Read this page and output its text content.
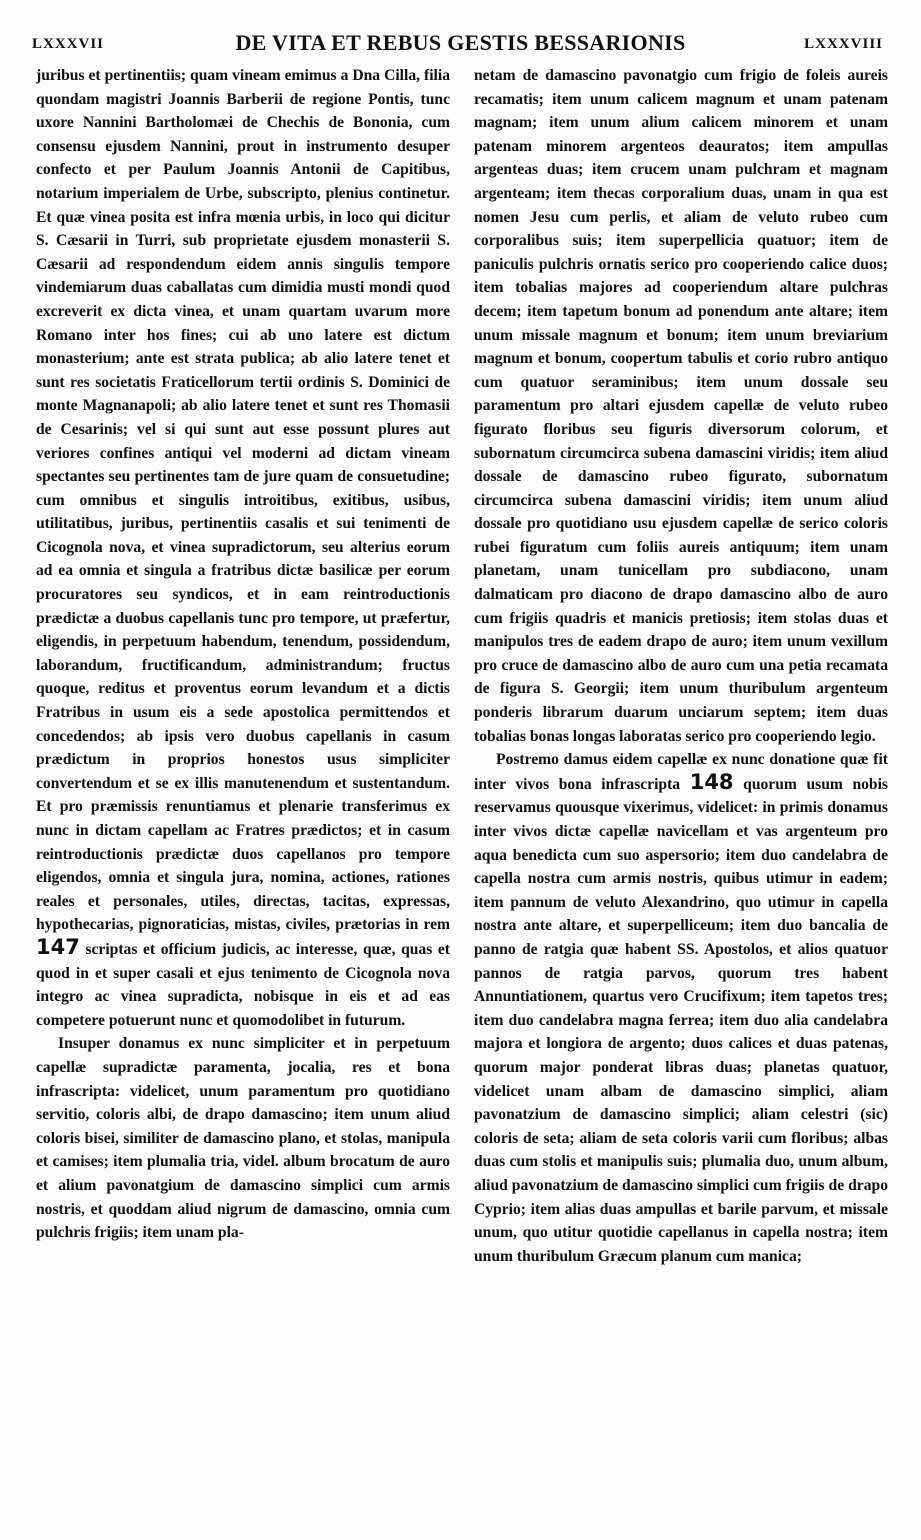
LXXXVII	DE VITA ET REBUS GESTIS BESSARIONIS	LXXXVIII

juribus et pertinentiis; quam vineam emimus a Dna Cilla, filia quondam magistri Joannis Barberii de regione Pontis, tunc uxore Nannini Bartholomæi de Chechis de Bononia, cum consensu ejusdem Nannini, prout in instrumento desuper confecto et per Paulum Joannis Antonii de Capitibus, notarium imperialem de Urbe, subscripto, plenius continetur. Et quæ vinea posita est infra mœnia urbis, in loco qui dicitur S. Cæsarii in Turri, sub proprietate ejusdem monasterii S. Cæsarii ad respondendum eidem annis singulis tempore vindemiarum duas caballatas cum dimidia musti mondi quod excreverit ex dicta vinea, et unam quartam uvarum more Romano inter hos fines; cui ab uno latere est dictum monasterium; ante est strata publica; ab alio latere tenet et sunt res societatis Fraticellorum tertii ordinis S. Dominici de monte Magnanapoli; ab alio latere tenet et sunt res Thomasii de Cesarinis; vel si qui sunt aut esse possunt plures aut veriores confines antiqui vel moderni ad dictam vineam spectantes seu pertinentes tam de jure quam de consuetudine; cum omnibus et singulis introitibus, exitibus, usibus, utilitatibus, juribus, pertinentiis casalis et sui tenimenti de Cicognola nova, et vinea supradictorum, seu alterius eorum ad ea omnia et singula a fratribus dictæ basilicæ per eorum procuratores seu syndicos, et in eam reintroductionis prædictæ a duobus capellanis tunc pro tempore, ut præfertur, eligendis, in perpetuum habendum, tenendum, possidendum, laborandum, fructificandum, administrandum; fructus quoque, reditus et proventus eorum levandum et a dictis Fratribus in usum eis a sede apostolica permittendos et concedendos; ab ipsis vero duobus capellanis in casum prædictum in proprios honestos usus simpliciter convertendum et se ex illis manutenendum et sustentandum. Et pro præmissis renuntiamus et plenarie transferimus ex nunc in dictam capellam ac Fratres prædictos; et in casum reintroductionis prædictæ duos capellanos pro tempore eligendos, omnia et singula jura, nomina, actiones, rationes reales et personales, utiles, directas, tacitas, expressas, hypothecarias, pignoraticias, mistas, civiles, prætorias in rem 147 scriptas et officium judicis, ac interesse, quæ, quas et quod in et super casali et ejus tenimento de Cicognola nova integro ac vinea supradicta, nobisque in eis et ad eas competere potuerunt nunc et quomodolibet in futurum.

Insuper donamus ex nunc simpliciter et in perpetuum capellæ supradictæ paramenta, jocalia, res et bona infrascripta: videlicet, unum paramentum pro quotidiano servitio, coloris albi, de drapo damascino; item unum aliud coloris bisei, similiter de damascino plano, et stolas, manipula et camises; item plumalia tria, videl. album brocatum de auro et alium pavonatgium de damascino simplici cum armis nostris, et quoddam aliud nigrum de damascino, omnia cum pulchris frigiis; item unam pla-

netam de damascino pavonatgio cum frigio de foleis aureis recamatis; item unum calicem magnum et unam patenam magnam; item unum alium calicem minorem et unam patenam minorem argenteos deauratos; item ampullas argenteas duas; item crucem unam pulchram et magnam argenteam; item thecas corporalium duas, unam in qua est nomen Jesu cum perlis, et aliam de veluto rubeo cum corporalibus suis; item superpellicia quatuor; item de paniculis pulchris ornatis serico pro cooperiendo calice duos; item tobalias majores ad cooperiendum altare pulchras decem; item tapetum bonum ad ponendum ante altare; item unum missale magnum et bonum; item unum breviarium magnum et bonum, coopertum tabulis et corio rubro antiquo cum quatuor seraminibus; item unum dossale seu paramentum pro altari ejusdem capellæ de veluto rubeo figurato floribus seu figuris diversorum colorum, et subornatum circumcirca subena damascini viridis; item aliud dossale de damascino rubeo figurato, subornatum circumcirca subena damascini viridis; item unum aliud dossale pro quotidiano usu ejusdem capellæ de serico coloris rubei figuratum cum foliis aureis antiquum; item unam planetam, unam tunicellam pro subdiacono, unam dalmaticam pro diacono de drapo damascino albo de auro cum frigiis quadris et manicis pretiosis; item stolas duas et manipulos tres de eadem drapo de auro; item unum vexillum pro cruce de damascino albo de auro cum una petia recamata de figura S. Georgii; item unum thuribulum argenteum ponderis librarum duarum unciarum septem; item duas tobalias bonas longas laboratas serico pro cooperiendo legio.

Postremo damus eidem capellæ ex nunc donatione quæ fit inter vivos bona infrascripta 148 quorum usum nobis reservamus quousque vixerimus, videlicet: in primis donamus inter vivos dictæ capellæ navicellam et vas argenteum pro aqua benedicta cum suo aspersorio; item duo candelabra de capella nostra cum armis nostris, quibus utimur in eadem; item pannum de veluto Alexandrino, quo utimur in capella nostra ante altare, et superpelliceum; item duo bancalia de panno de ratgia quæ habent SS. Apostolos, et alios quatuor pannos de ratgia parvos, quorum tres habent Annuntiationem, quartus vero Crucifixum; item tapetos tres; item duo candelabra magna ferrea; item duo alia candelabra majora et longiora de argento; duos calices et duas patenas, quorum major ponderat libras duas; planetas quatuor, videlicet unam albam de damascino simplici, aliam pavonatzium de damascino simplici; aliam celestri (sic) coloris de seta; aliam de seta coloris varii cum floribus; albas duas cum stolis et manipulis suis; plumalia duo, unum album, aliud pavonatzium de damascino simplici cum frigiis de drapo Cyprio; item alias duas ampullas et barile parvum, et missale unum, quo utitur quotidie capellanus in capella nostra; item unum thuribulum Græcum planum cum manica;
